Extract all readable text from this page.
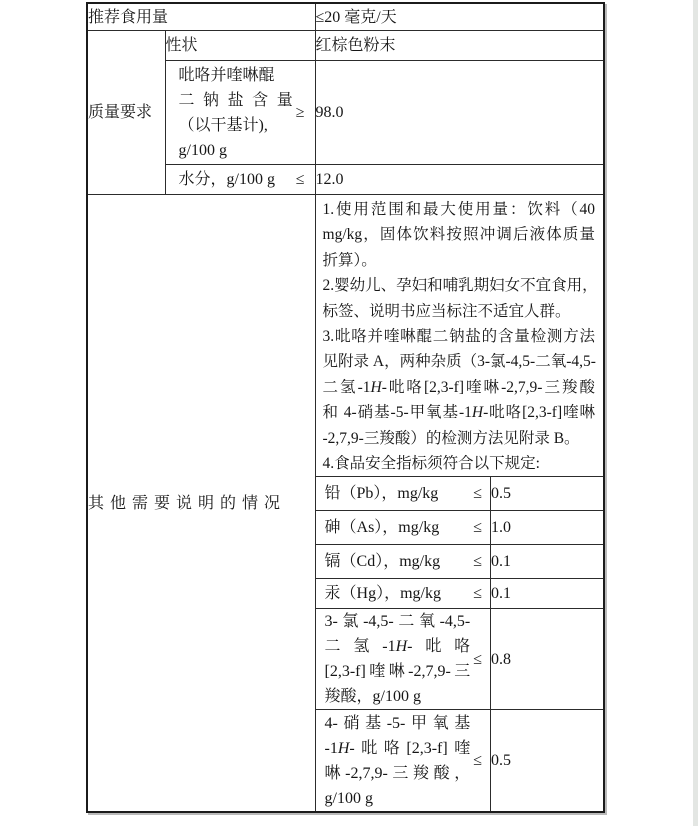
推荐食用量	≤20 毫克/天
质量要求	性状	红棕色粉末

吡咯并喹啉醌
二钠盐含量
（以干基计),
g/100 g
≥	98.0

水分，g/100 g	≤	12.0
其他需要说明的情况	
1.使用范围和最大使用量：饮料（40
mg/kg，固体饮料按照冲调后液体质量
折算）。
2.婴幼儿、孕妇和哺乳期妇女不宜食用，
标签、说明书应当标注不适宜人群。
3.吡咯并喹啉醌二钠盐的含量检测方法
见附录 A，两种杂质（3-氯-4,5-二氧-4,5-
二氢-1H-吡咯[2,3-f]喹啉-2,7,9-三羧酸
和 4-硝基-5-甲氧基-1H-吡咯[2,3-f]喹啉
-2,7,9-三羧酸）的检测方法见附录 B。
4.食品安全指标须符合以下规定:
铅（Pb），mg/kg	≤	0.5

砷（As），mg/kg	≤	1.0

镉（Cd），mg/kg	≤	0.1

汞（Hg），mg/kg	≤	0.1

3-氯-4,5-二氧-4,5-
二氢-1H-吡咯
[2,3-f]喹啉-2,7,9-三
羧酸，g/100 g
≤	0.8

4-硝基-5-甲氧基
-1H-吡咯[2,3-f]喹
啉-2,7,9-三羧酸，
g/100 g
≤	0.5
